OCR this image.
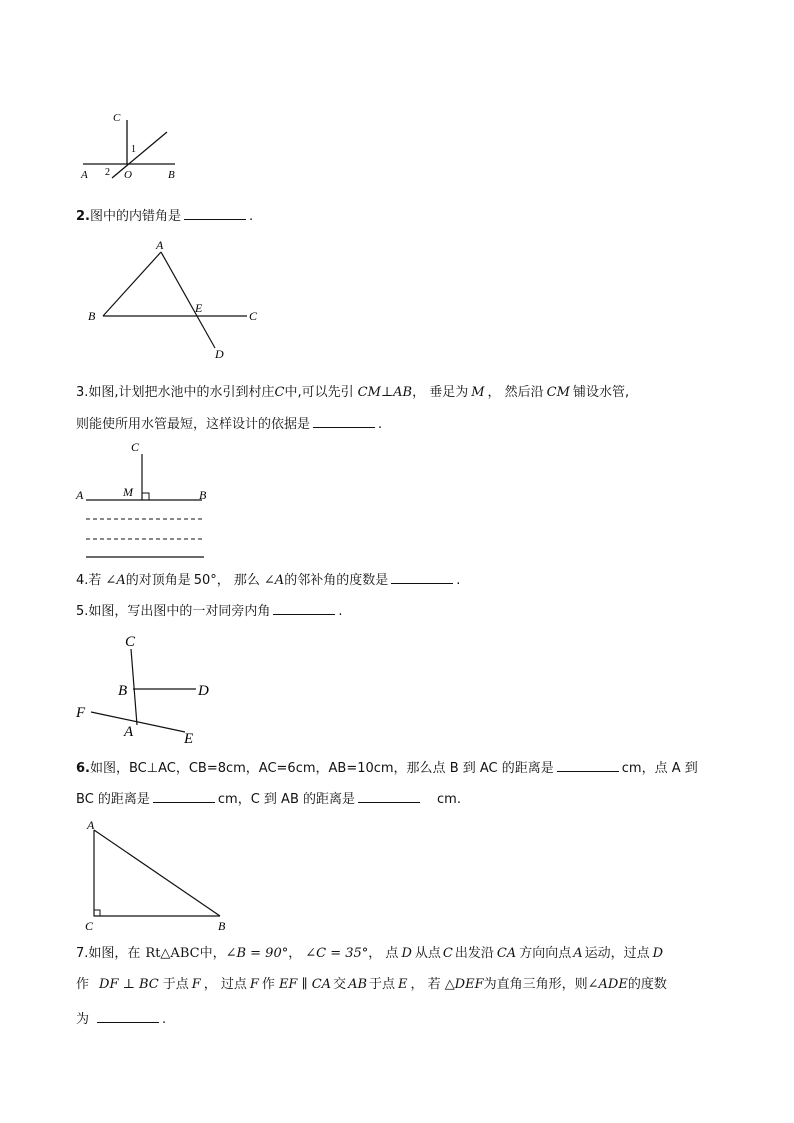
C
A	O	B
1
2
2.图中的内错角是	.
A
B
E
C
D
3.如图,计划把水池中的水引到村庄C中,可以先引 CM⊥AB， 垂足为 M ， 然后沿 CM 铺设水管,
则能使所用水管最短，这样设计的依据是	.
C
A	M	B
4.若 ∠A的对顶角是 50°， 那么 ∠A的邻补角的度数是	.
5.如图，写出图中的一对同旁内角	.
C
B	D
F
A	E
6.如图，BC⊥AC，CB=8cm，AC=6cm，AB=10cm，那么点 B 到 AC 的距离是	cm，点 A 到
BC 的距离是	cm，C 到 AB 的距离是	cm.
A
C	B
7.如图，在 Rt△ABC中，∠B = 90°， ∠C = 35°， 点 D 从点 C 出发沿 CA 方向向点 A 运动，过点 D
作 DF ⊥ BC 于点 F ， 过点 F 作 EF ∥ CA 交 AB 于点 E ， 若 △DEF为直角三角形，则∠ADE的度数
为	.
